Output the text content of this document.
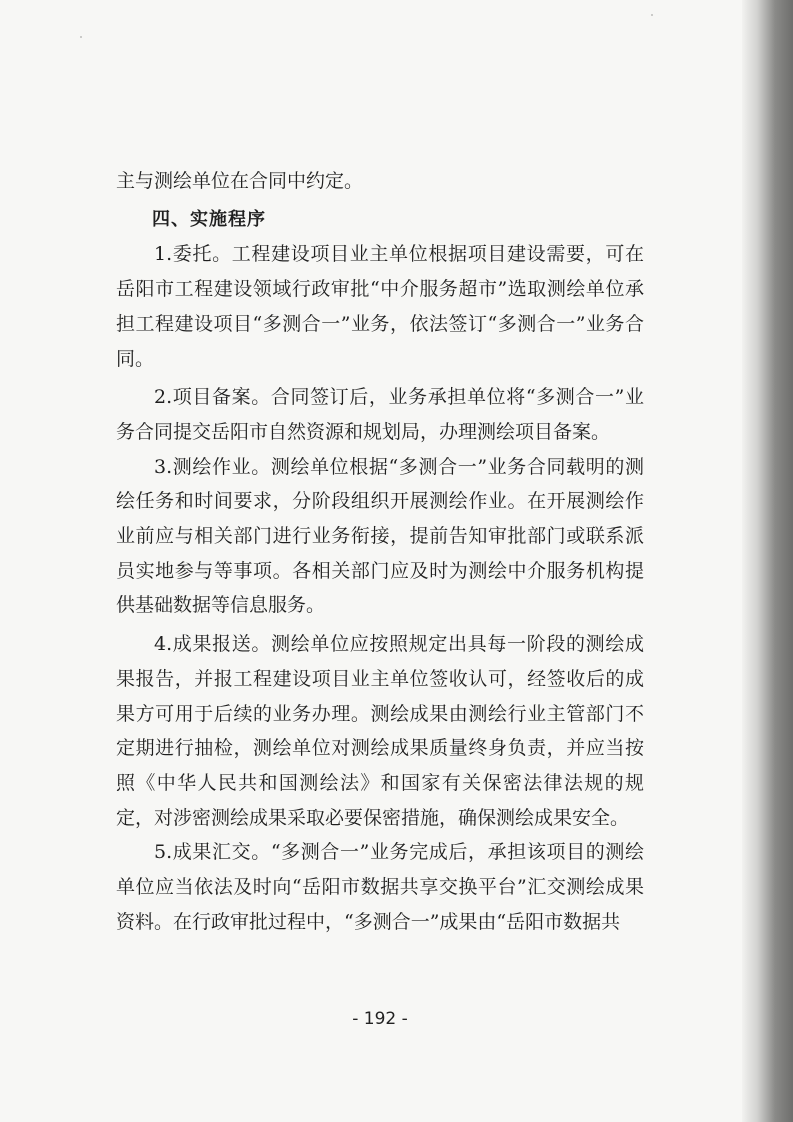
主与测绘单位在合同中约定。

四、实施程序

1.委托。工程建设项目业主单位根据项目建设需要，可在岳阳市工程建设领域行政审批“中介服务超市”选取测绘单位承担工程建设项目“多测合一”业务，依法签订“多测合一”业务合同。

2.项目备案。合同签订后，业务承担单位将“多测合一”业务合同提交岳阳市自然资源和规划局，办理测绘项目备案。

3.测绘作业。测绘单位根据“多测合一”业务合同载明的测绘任务和时间要求，分阶段组织开展测绘作业。在开展测绘作业前应与相关部门进行业务衔接，提前告知审批部门或联系派员实地参与等事项。各相关部门应及时为测绘中介服务机构提供基础数据等信息服务。

4.成果报送。测绘单位应按照规定出具每一阶段的测绘成果报告，并报工程建设项目业主单位签收认可，经签收后的成果方可用于后续的业务办理。测绘成果由测绘行业主管部门不定期进行抽检，测绘单位对测绘成果质量终身负责，并应当按照《中华人民共和国测绘法》和国家有关保密法律法规的规定，对涉密测绘成果采取必要保密措施，确保测绘成果安全。

5.成果汇交。“多测合一”业务完成后，承担该项目的测绘单位应当依法及时向“岳阳市数据共享交换平台”汇交测绘成果资料。在行政审批过程中，“多测合一”成果由“岳阳市数据共

- 192 -
